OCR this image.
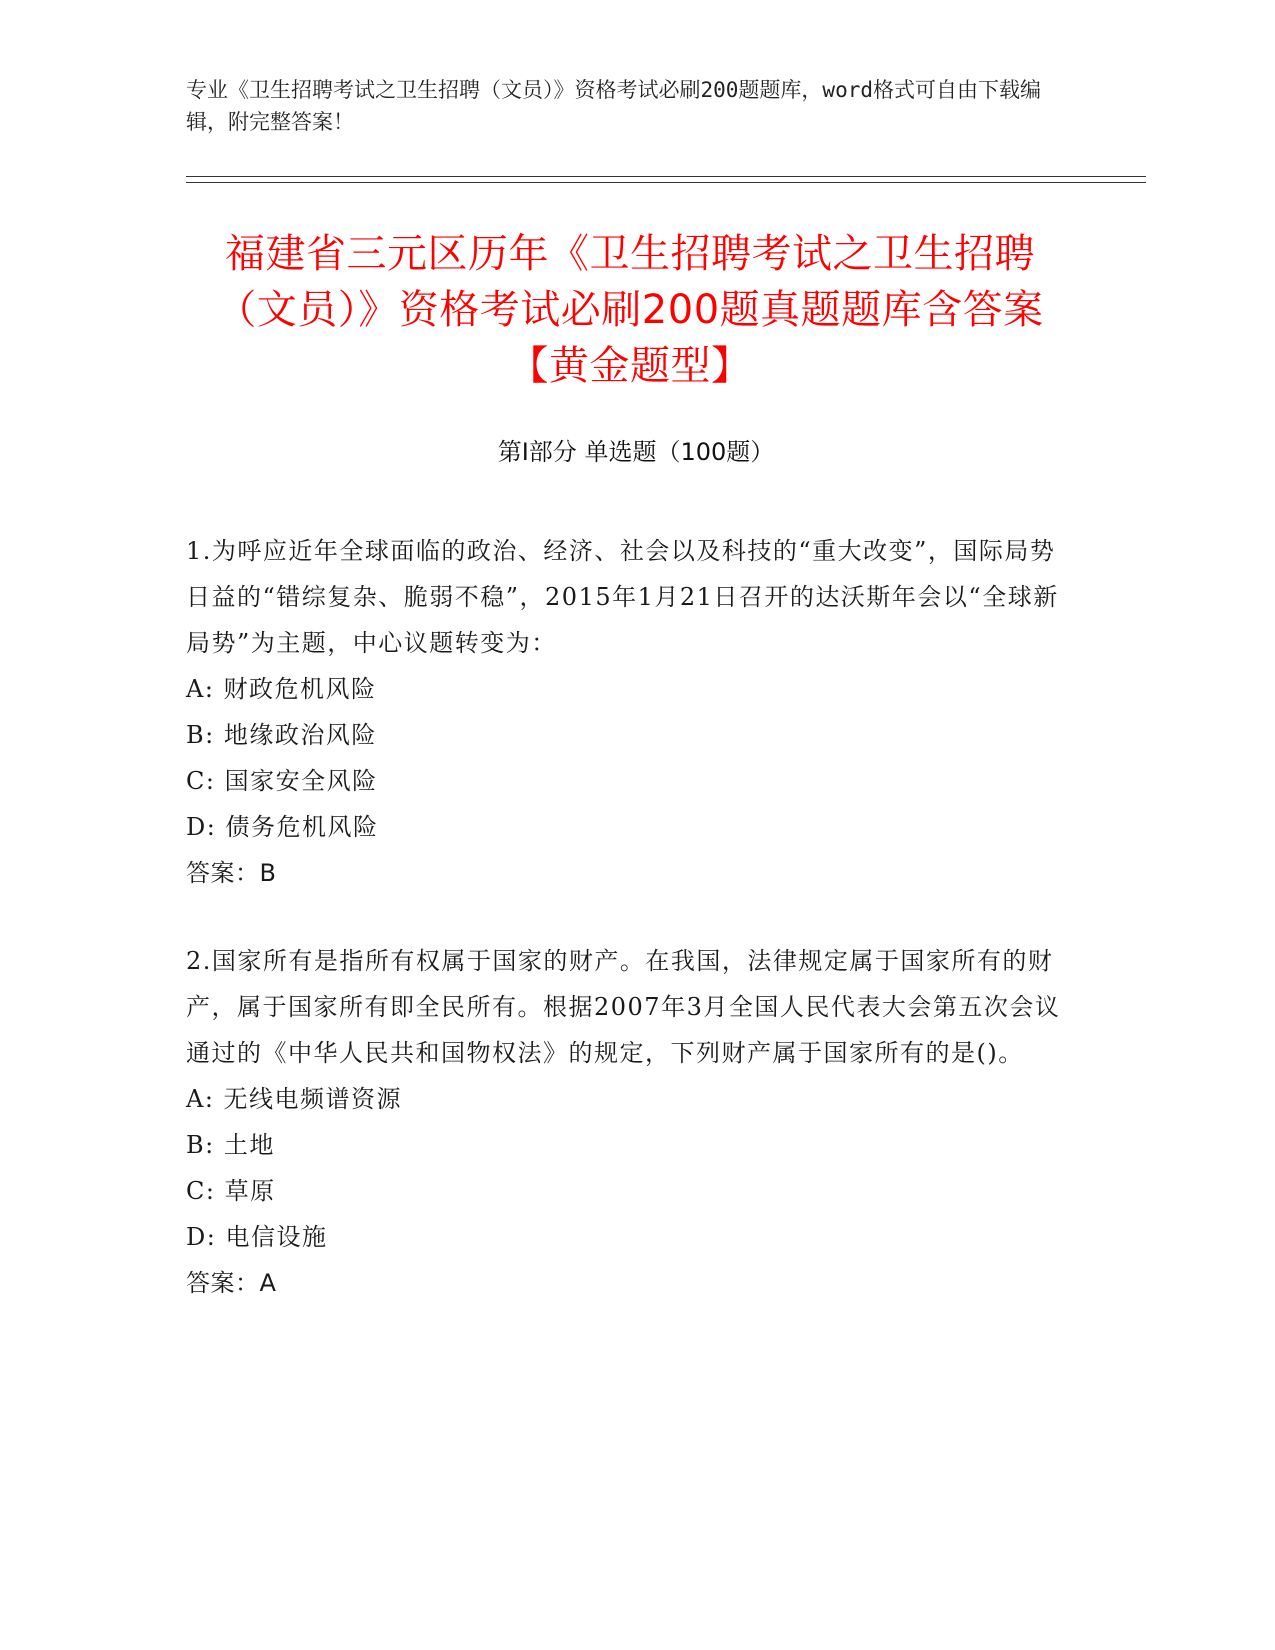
专业《卫生招聘考试之卫生招聘（文员）》资格考试必刷200题题库，word格式可自由下载编辑，附完整答案！
福建省三元区历年《卫生招聘考试之卫生招聘（文员）》资格考试必刷200题真题题库含答案【黄金题型】
第Ⅰ部分 单选题（100题）
1.为呼应近年全球面临的政治、经济、社会以及科技的“重大改变”，国际局势日益的“错综复杂、脆弱不稳”，2015年1月21日召开的达沃斯年会以“全球新局势”为主题，中心议题转变为：
A: 财政危机风险
B: 地缘政治风险
C: 国家安全风险
D: 债务危机风险
答案：B
2.国家所有是指所有权属于国家的财产。在我国，法律规定属于国家所有的财产，属于国家所有即全民所有。根据2007年3月全国人民代表大会第五次会议通过的《中华人民共和国物权法》的规定，下列财产属于国家所有的是()。
A: 无线电频谱资源
B: 土地
C: 草原
D: 电信设施
答案：A
